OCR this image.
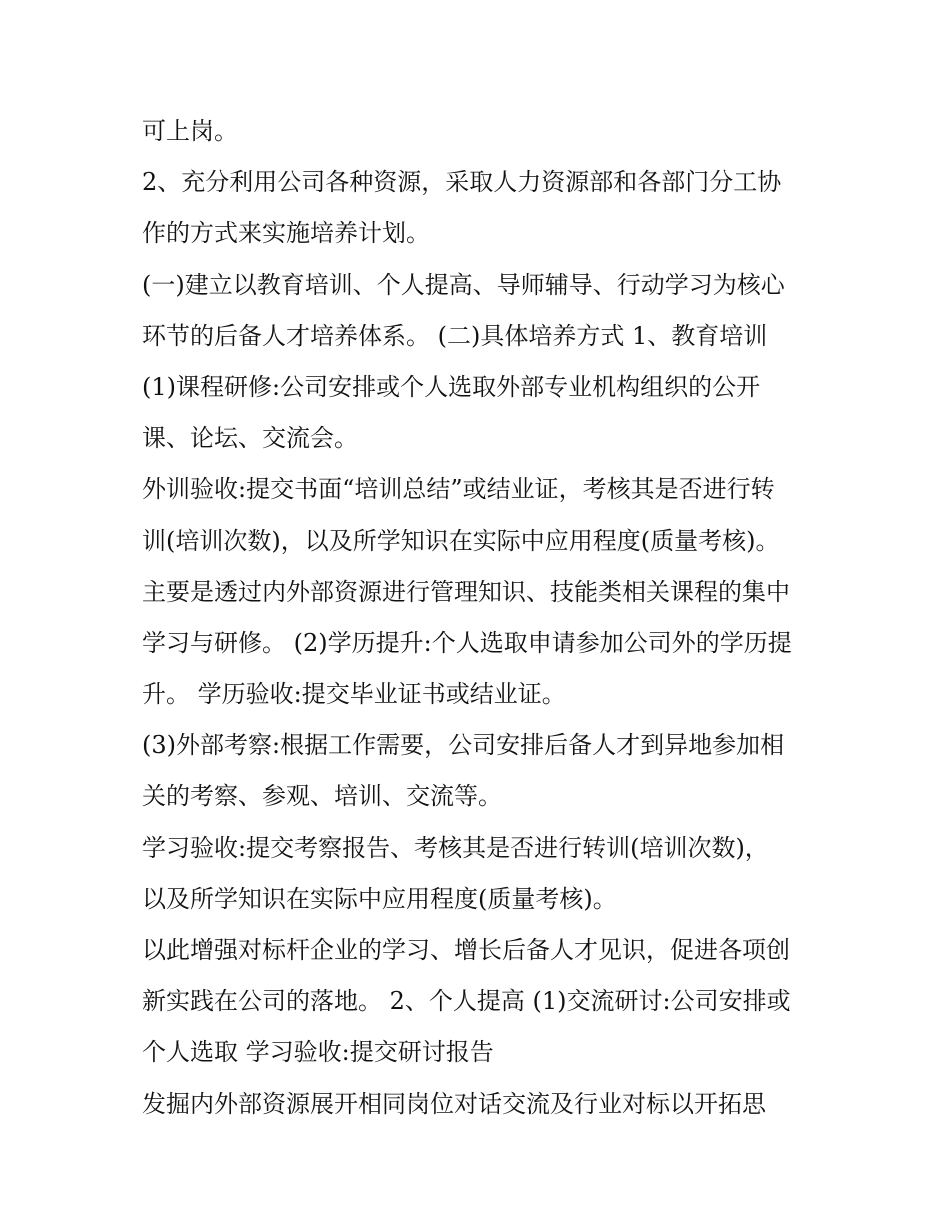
可上岗。
2、充分利用公司各种资源，采取人力资源部和各部门分工协
作的方式来实施培养计划。
(一)建立以教育培训、个人提高、导师辅导、行动学习为核心
环节的后备人才培养体系。 (二)具体培养方式 1、教育培训
(1)课程研修:公司安排或个人选取外部专业机构组织的公开
课、论坛、交流会。
外训验收:提交书面“培训总结”或结业证，考核其是否进行转
训(培训次数)，以及所学知识在实际中应用程度(质量考核)。
主要是透过内外部资源进行管理知识、技能类相关课程的集中
学习与研修。 (2)学历提升:个人选取申请参加公司外的学历提
升。 学历验收:提交毕业证书或结业证。
(3)外部考察:根据工作需要，公司安排后备人才到异地参加相
关的考察、参观、培训、交流等。
学习验收:提交考察报告、考核其是否进行转训(培训次数)，
以及所学知识在实际中应用程度(质量考核)。
以此增强对标杆企业的学习、增长后备人才见识，促进各项创
新实践在公司的落地。 2、个人提高 (1)交流研讨:公司安排或
个人选取 学习验收:提交研讨报告
发掘内外部资源展开相同岗位对话交流及行业对标以开拓思
